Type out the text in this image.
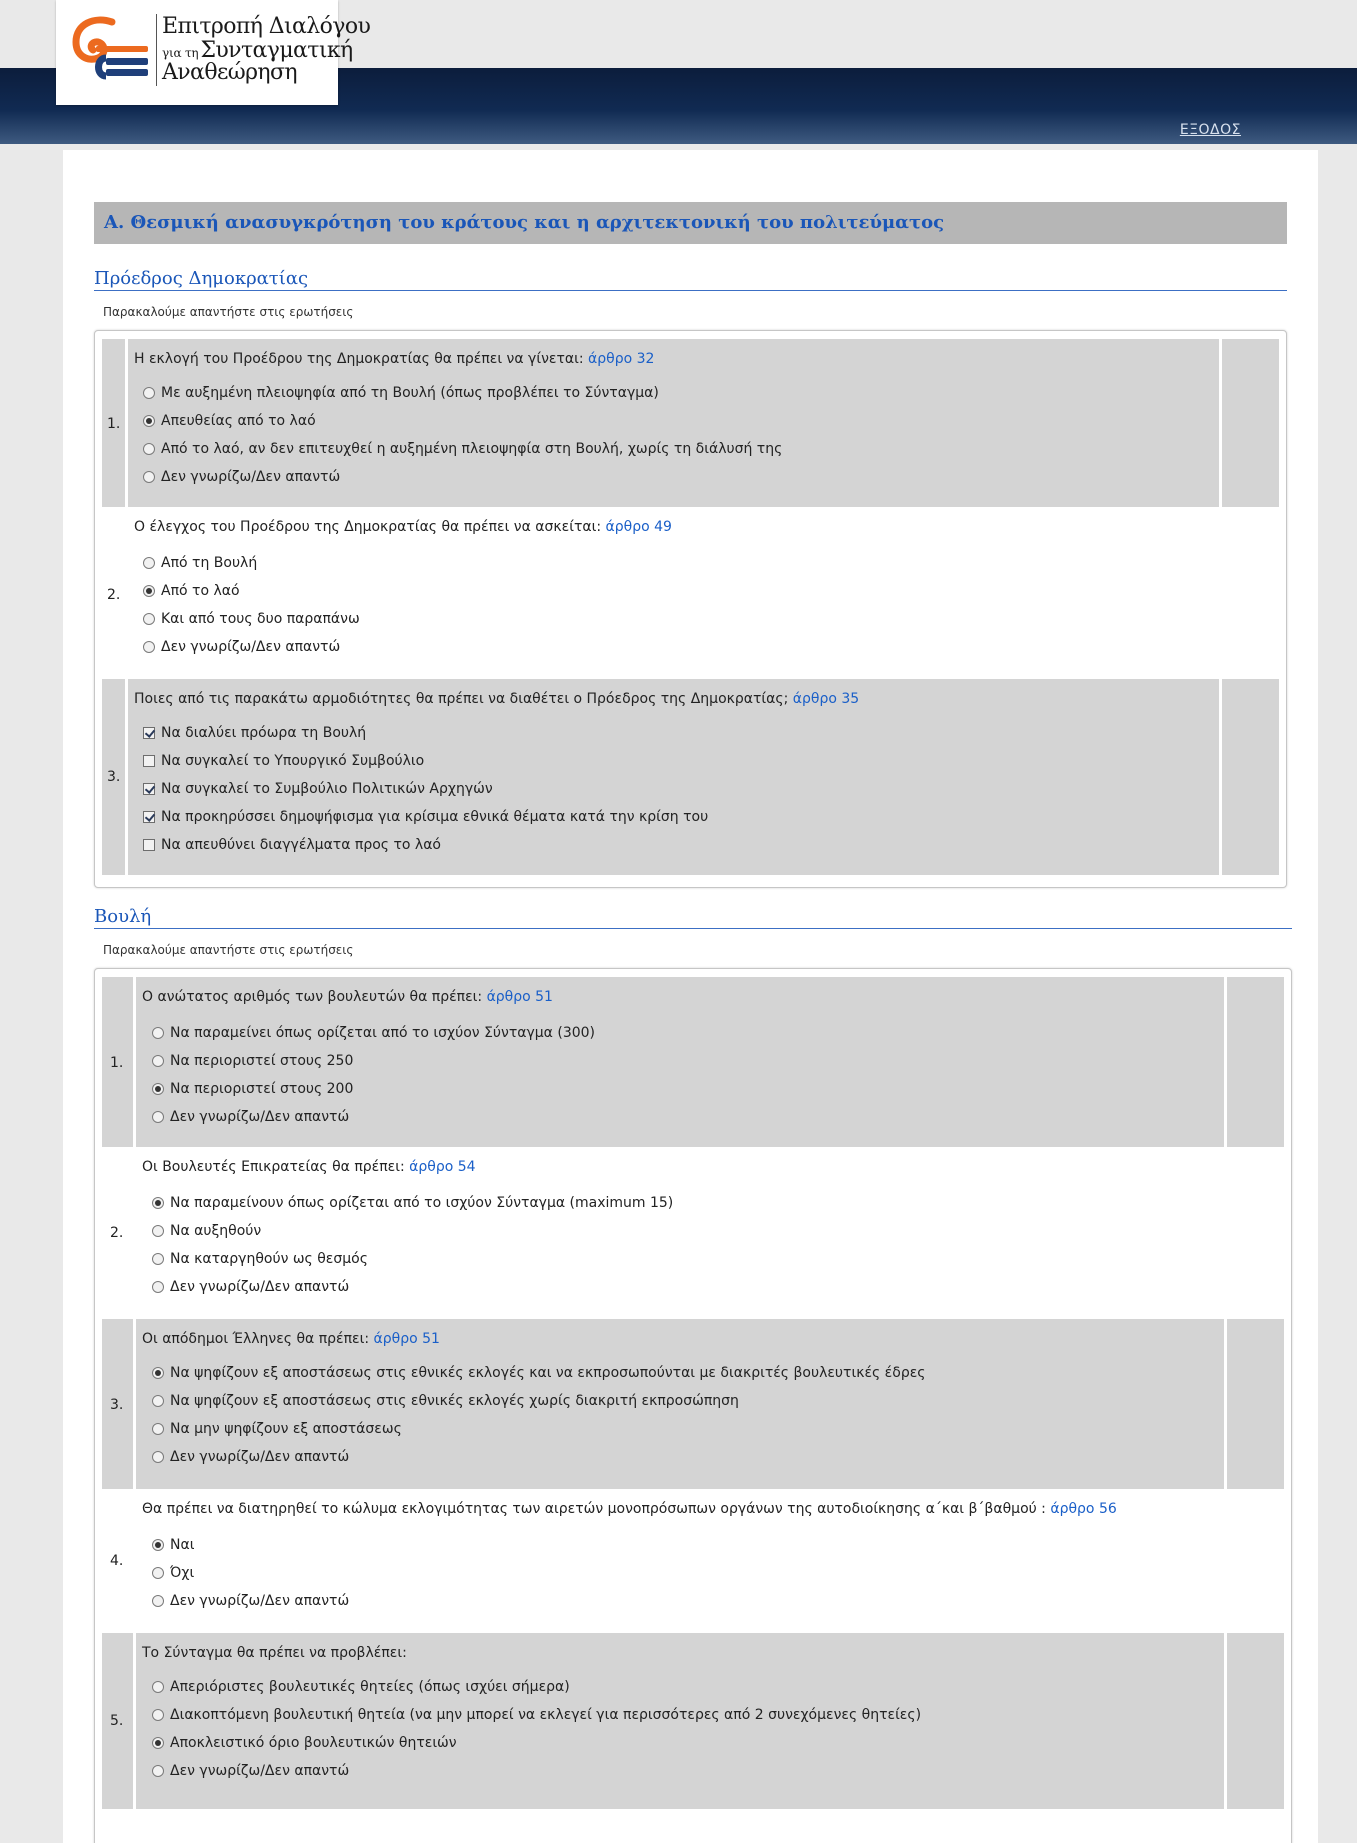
Επιτροπή Διαλόγου
για τηΣυνταγματική
Αναθεώρηση
ΕΞΟΔΟΣ
Α. Θεσμική ανασυγκρότηση του κράτους και η αρχιτεκτονική του πολιτεύματος
Πρόεδρος Δημοκρατίας
Παρακαλούμε απαντήστε στις ερωτήσεις
1.
Η εκλογή του Προέδρου της Δημοκρατίας θα πρέπει να γίνεται: άρθρο 32
Με αυξημένη πλειοψηφία από τη Βουλή (όπως προβλέπει το Σύνταγμα)
Απευθείας από το λαό
Από το λαό, αν δεν επιτευχθεί η αυξημένη πλειοψηφία στη Βουλή, χωρίς τη διάλυσή της
Δεν γνωρίζω/Δεν απαντώ
2.
Ο έλεγχος του Προέδρου της Δημοκρατίας θα πρέπει να ασκείται: άρθρο 49
Από τη Βουλή
Από το λαό
Και από τους δυο παραπάνω
Δεν γνωρίζω/Δεν απαντώ
3.
Ποιες από τις παρακάτω αρμοδιότητες θα πρέπει να διαθέτει ο Πρόεδρος της Δημοκρατίας; άρθρο 35
Να διαλύει πρόωρα τη Βουλή
Να συγκαλεί το Υπουργικό Συμβούλιο
Να συγκαλεί το Συμβούλιο Πολιτικών Αρχηγών
Να προκηρύσσει δημοψήφισμα για κρίσιμα εθνικά θέματα κατά την κρίση του
Να απευθύνει διαγγέλματα προς το λαό
Βουλή
Παρακαλούμε απαντήστε στις ερωτήσεις
1.
Ο ανώτατος αριθμός των βουλευτών θα πρέπει: άρθρο 51
Να παραμείνει όπως ορίζεται από το ισχύον Σύνταγμα (300)
Να περιοριστεί στους 250
Να περιοριστεί στους 200
Δεν γνωρίζω/Δεν απαντώ
2.
Οι Βουλευτές Επικρατείας θα πρέπει: άρθρο 54
Να παραμείνουν όπως ορίζεται από το ισχύον Σύνταγμα (maximum 15)
Να αυξηθούν
Να καταργηθούν ως θεσμός
Δεν γνωρίζω/Δεν απαντώ
3.
Οι απόδημοι Έλληνες θα πρέπει: άρθρο 51
Να ψηφίζουν εξ αποστάσεως στις εθνικές εκλογές και να εκπροσωπούνται με διακριτές βουλευτικές έδρες
Να ψηφίζουν εξ αποστάσεως στις εθνικές εκλογές χωρίς διακριτή εκπροσώπηση
Να μην ψηφίζουν εξ αποστάσεως
Δεν γνωρίζω/Δεν απαντώ
4.
Θα πρέπει να διατηρηθεί το κώλυμα εκλογιμότητας των αιρετών μονοπρόσωπων οργάνων της αυτοδιοίκησης α΄και β΄βαθμού : άρθρο 56
Ναι
Όχι
Δεν γνωρίζω/Δεν απαντώ
5.
Το Σύνταγμα θα πρέπει να προβλέπει:
Απεριόριστες βουλευτικές θητείες (όπως ισχύει σήμερα)
Διακοπτόμενη βουλευτική θητεία (να μην μπορεί να εκλεγεί για περισσότερες από 2 συνεχόμενες θητείες)
Αποκλειστικό όριο βουλευτικών θητειών
Δεν γνωρίζω/Δεν απαντώ
